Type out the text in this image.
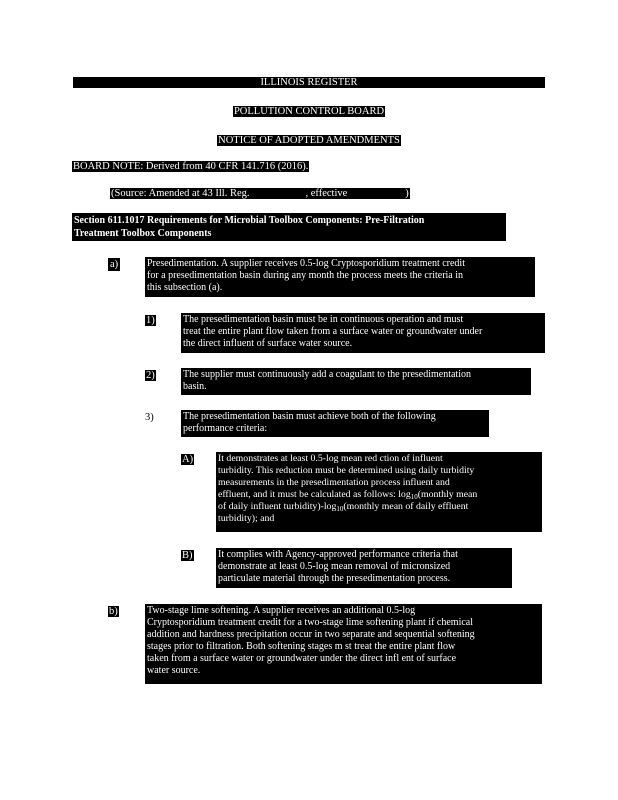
ILLINOIS REGISTER
POLLUTION CONTROL BOARD
NOTICE OF ADOPTED AMENDMENTS
BOARD NOTE: Derived from 40 CFR 141.716 (2016).
(Source: Amended at 43 Ill. Reg.	, effective	)

Section 611.1017 Requirements for Microbial Toolbox Components: Pre-Filtration

Treatment Toolbox Components

a)	Presedimentation. A supplier receives 0.5-log Cryptosporidium treatment credit

for a presedimentation basin during any month the process meets the criteria in

this subsection (a).

1)	The presedimentation basin must be in continuous operation and must

treat the entire plant flow taken from a surface water or groundwater under

the direct influent of surface water source.

2)	The supplier must continuously add a coagulant to the presedimentation

basin.

3)	The presedimentation basin must achieve both of the following

performance criteria:

A)	It demonstrates at least 0.5-log mean red ction of influent

turbidity. This reduction must be determined using daily turbidity

measurements in the presedimentation process influent and

effluent, and it must be calculated as follows: $\log_{10}(monthly$ mean

of daily influent $turbidity)-\log_{10}(monthly$ mean of daily effluent

turbidity); and

B)	It complies with Agency-approved performance criteria that

demonstrate at least 0.5-log mean removal of micronsized

particulate material through the presedimentation process.

b)	Two-stage lime softening. A supplier receives an additional 0.5-log

Cryptosporidium treatment credit for a two-stage lime softening plant if chemical

addition and hardness precipitation occur in two separate and sequential softening

stages prior to filtration. Both softening stages m st treat the entire plant flow

taken from a surface water or groundwater under the direct infl ent of surface

water source.
